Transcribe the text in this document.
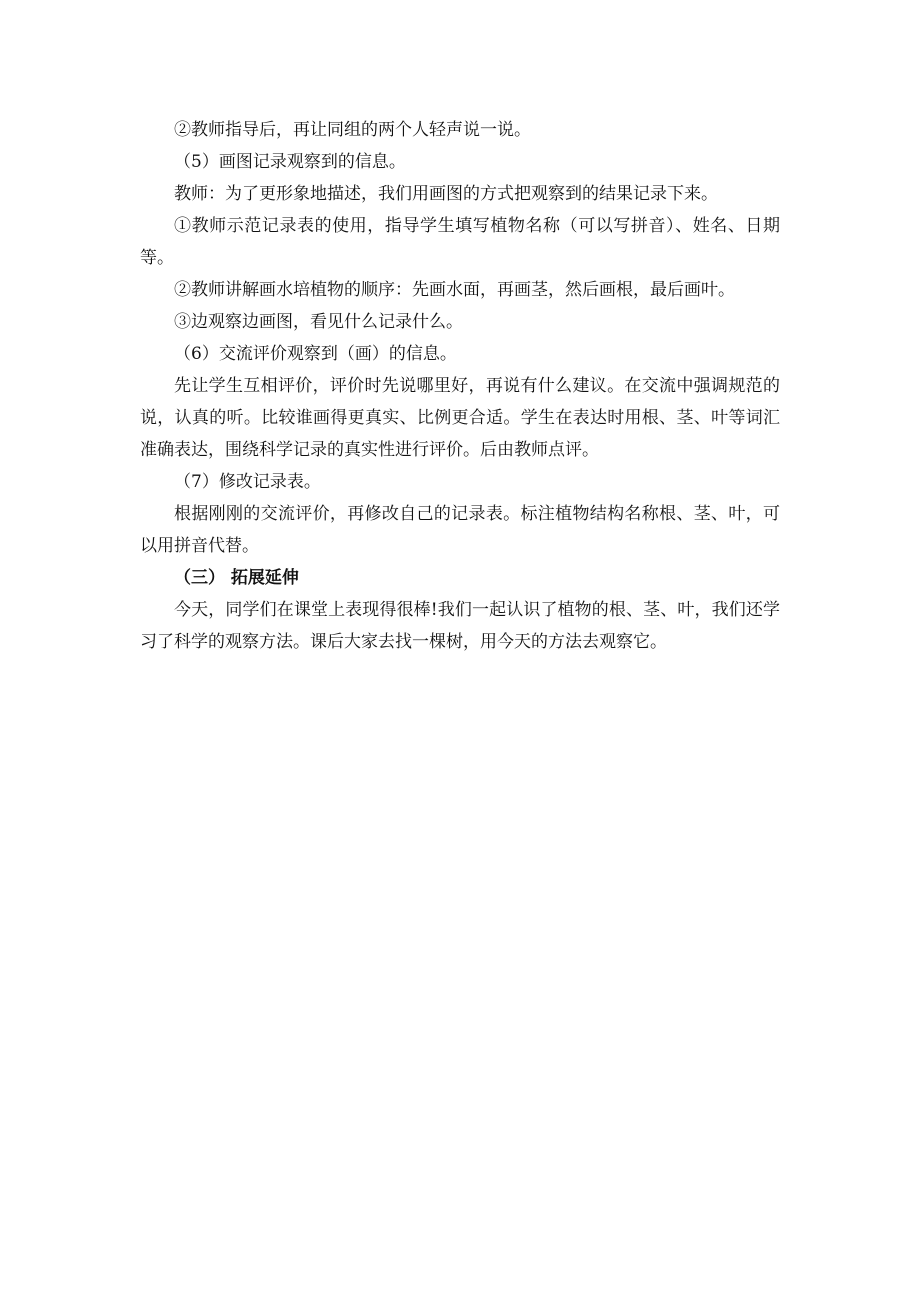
②教师指导后，再让同组的两个人轻声说一说。

（5）画图记录观察到的信息。

教师：为了更形象地描述，我们用画图的方式把观察到的结果记录下来。

①教师示范记录表的使用，指导学生填写植物名称（可以写拼音）、姓名、日期等。

②教师讲解画水培植物的顺序：先画水面，再画茎，然后画根，最后画叶。

③边观察边画图，看见什么记录什么。

（6）交流评价观察到（画）的信息。

先让学生互相评价，评价时先说哪里好，再说有什么建议。在交流中强调规范的说，认真的听。比较谁画得更真实、比例更合适。学生在表达时用根、茎、叶等词汇准确表达，围绕科学记录的真实性进行评价。后由教师点评。

（7）修改记录表。

根据刚刚的交流评价，再修改自己的记录表。标注植物结构名称根、茎、叶，可以用拼音代替。

（三） 拓展延伸

今天，同学们在课堂上表现得很棒!我们一起认识了植物的根、茎、叶，我们还学习了科学的观察方法。课后大家去找一棵树，用今天的方法去观察它。
